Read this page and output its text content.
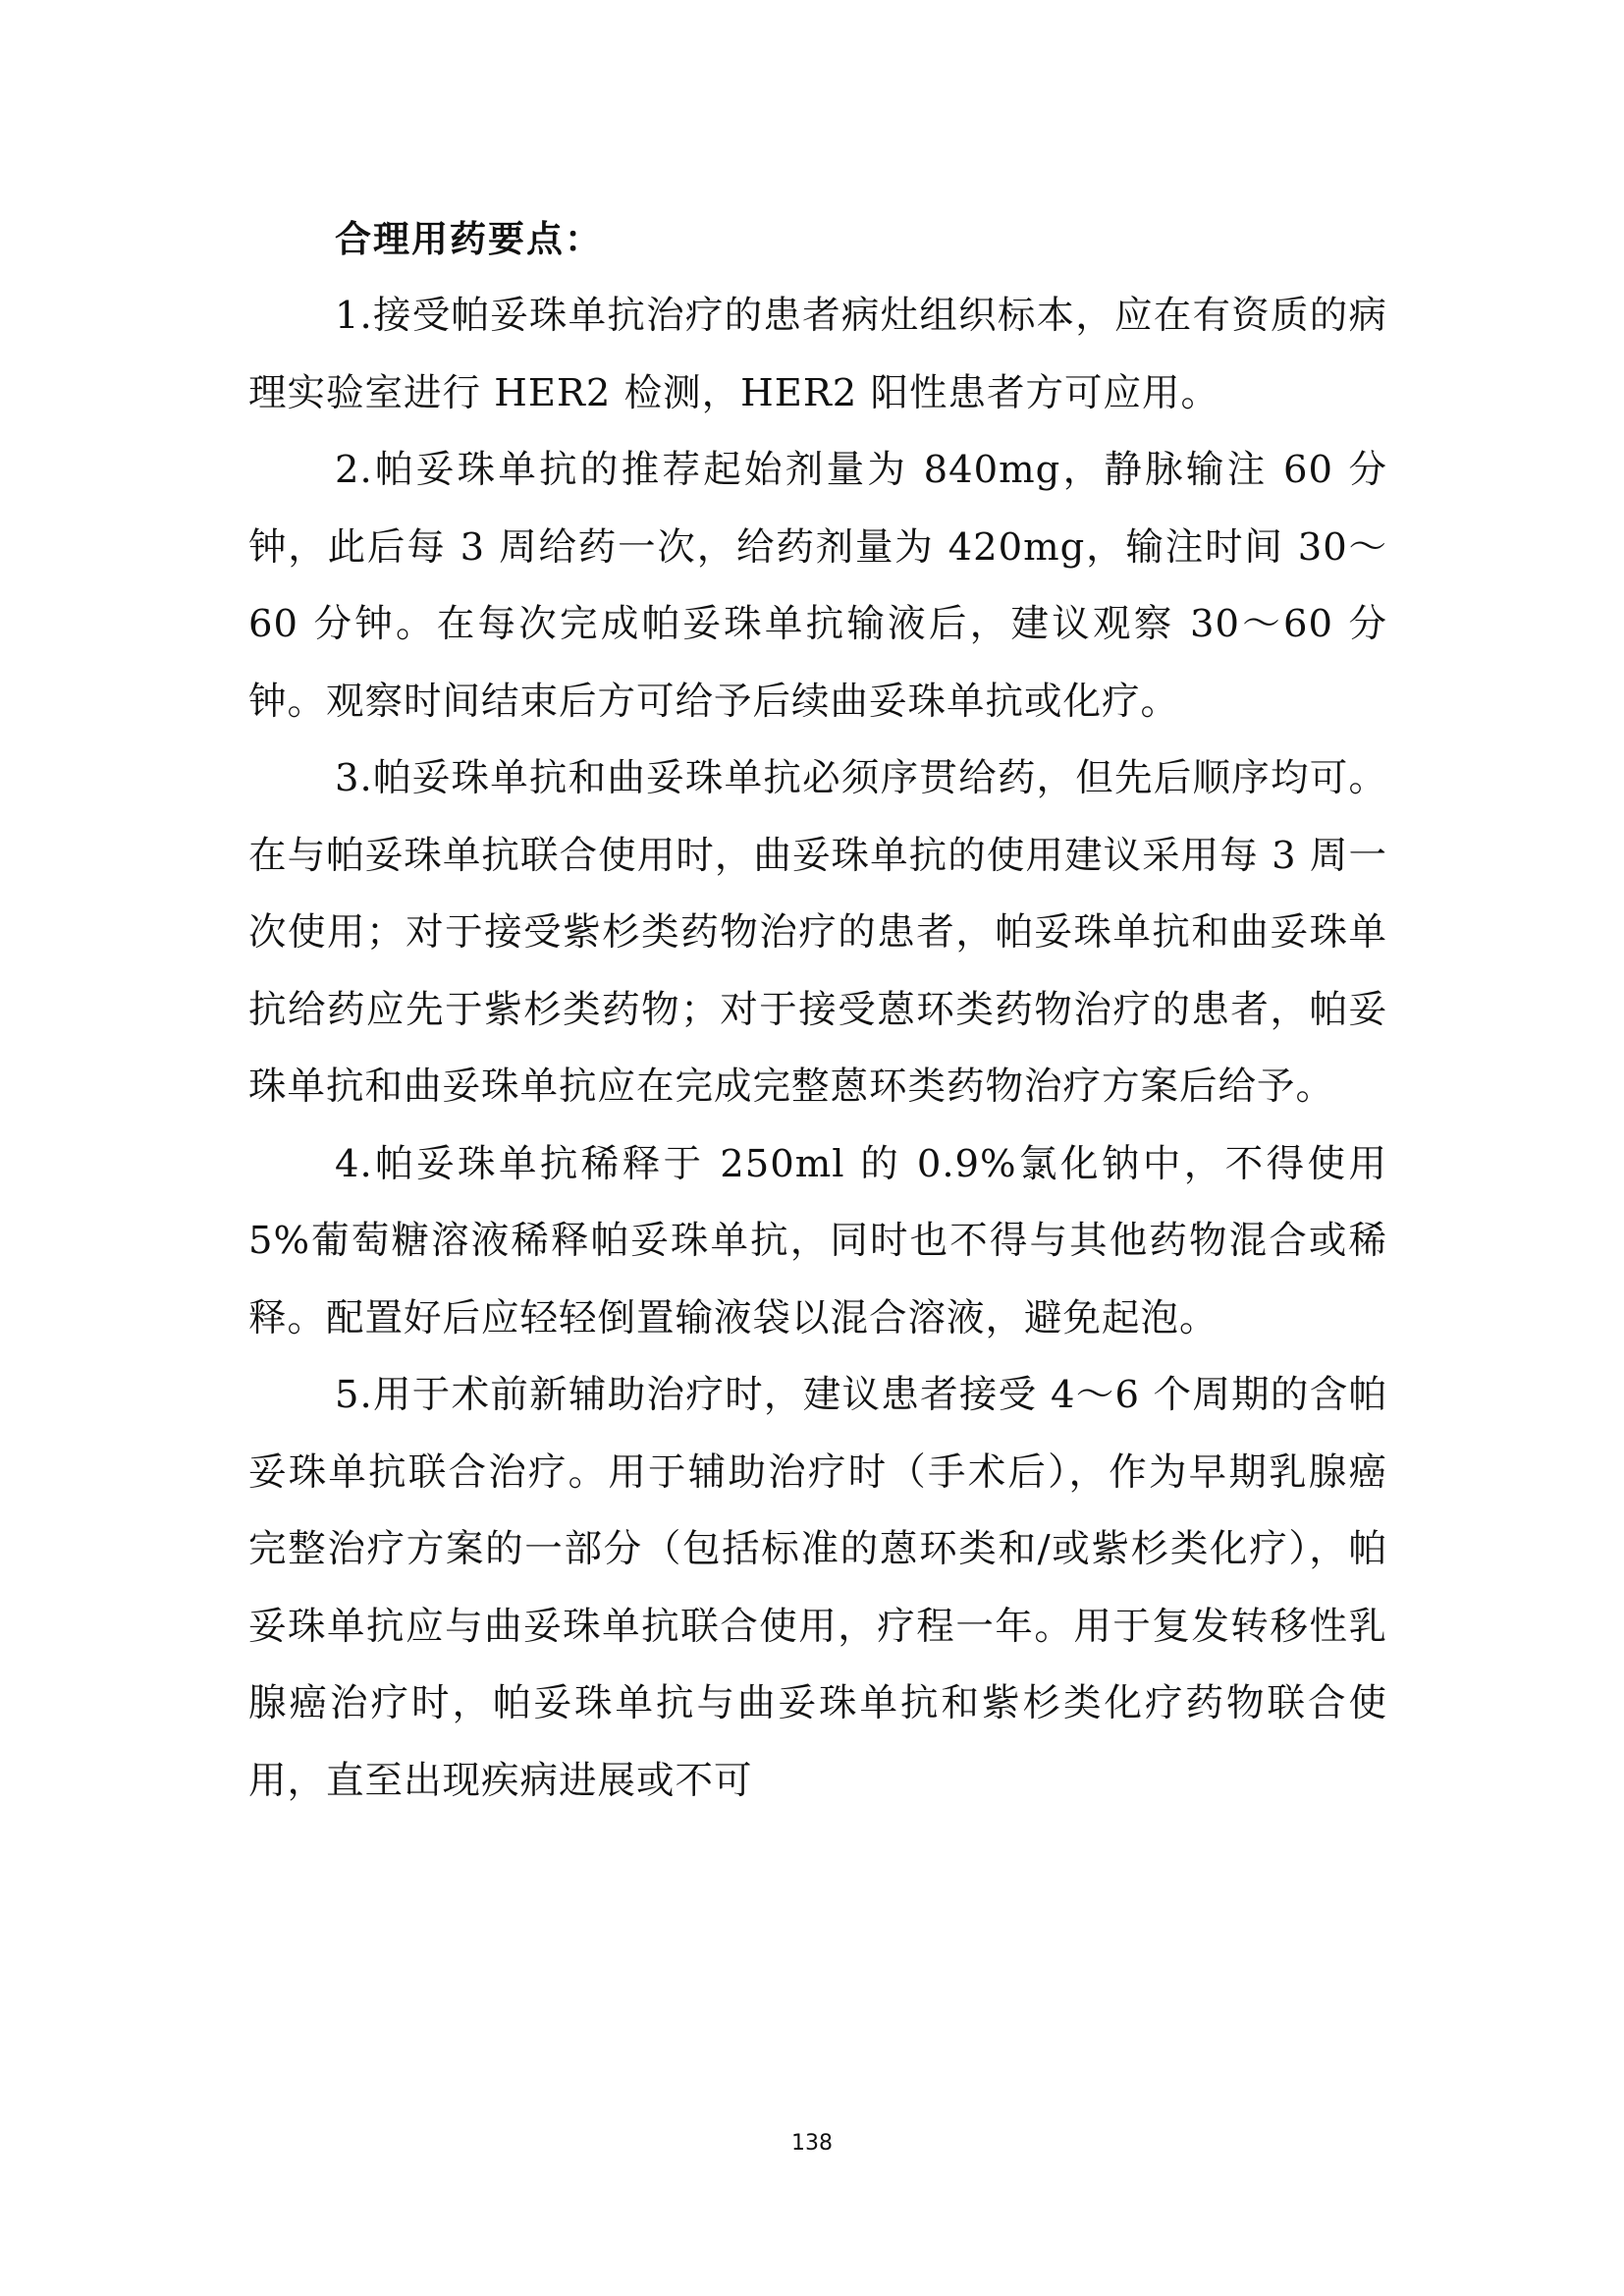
合理用药要点：

1.接受帕妥珠单抗治疗的患者病灶组织标本，应在有资质的病理实验室进行 HER2 检测，HER2 阳性患者方可应用。

2.帕妥珠单抗的推荐起始剂量为 840mg，静脉输注 60 分钟，此后每 3 周给药一次，给药剂量为 420mg，输注时间 30～60 分钟。在每次完成帕妥珠单抗输液后，建议观察 30～60 分钟。观察时间结束后方可给予后续曲妥珠单抗或化疗。

3.帕妥珠单抗和曲妥珠单抗必须序贯给药，但先后顺序均可。在与帕妥珠单抗联合使用时，曲妥珠单抗的使用建议采用每 3 周一次使用；对于接受紫杉类药物治疗的患者，帕妥珠单抗和曲妥珠单抗给药应先于紫杉类药物；对于接受蒽环类药物治疗的患者，帕妥珠单抗和曲妥珠单抗应在完成完整蒽环类药物治疗方案后给予。

4.帕妥珠单抗稀释于 250ml 的 0.9%氯化钠中，不得使用5%葡萄糖溶液稀释帕妥珠单抗，同时也不得与其他药物混合或稀释。配置好后应轻轻倒置输液袋以混合溶液，避免起泡。

5.用于术前新辅助治疗时，建议患者接受 4～6 个周期的含帕妥珠单抗联合治疗。用于辅助治疗时（手术后），作为早期乳腺癌完整治疗方案的一部分（包括标准的蒽环类和/或紫杉类化疗），帕妥珠单抗应与曲妥珠单抗联合使用，疗程一年。用于复发转移性乳腺癌治疗时，帕妥珠单抗与曲妥珠单抗和紫杉类化疗药物联合使用，直至出现疾病进展或不可

138
